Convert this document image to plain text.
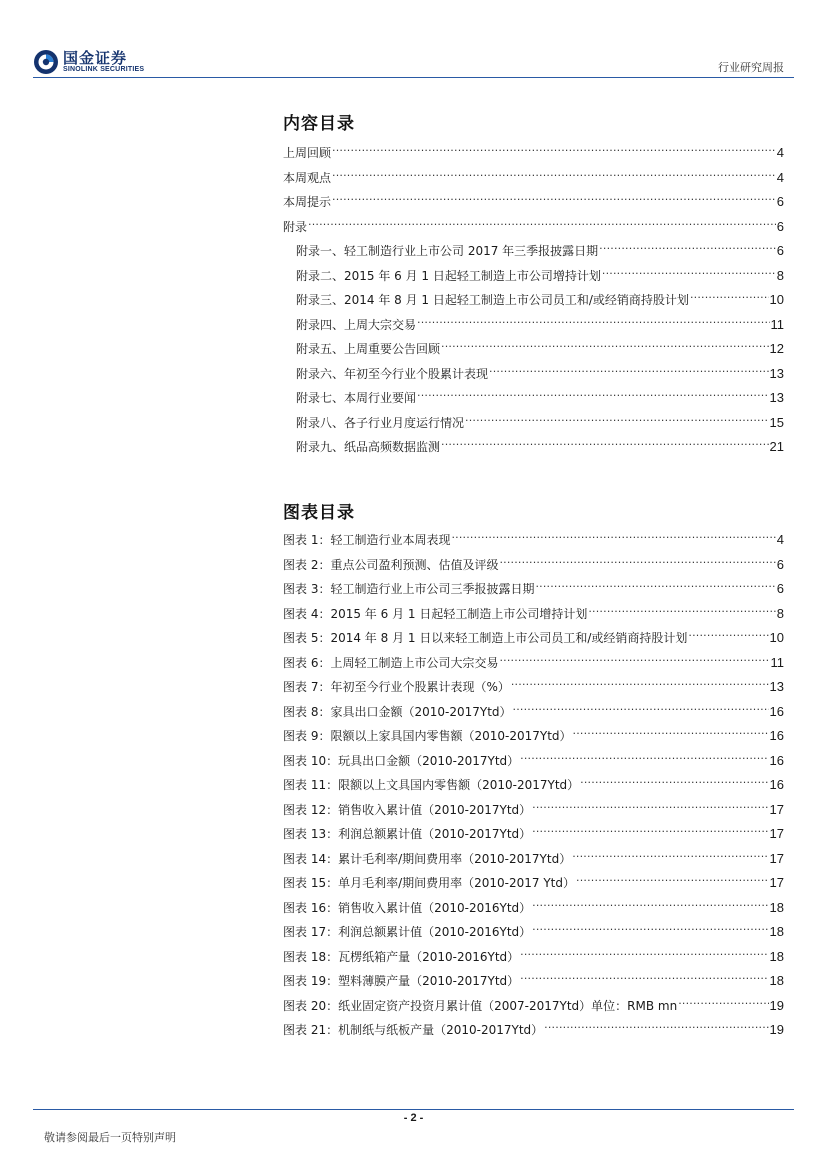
国金证券
SINOLINK SECURITIES	行业研究周报
内容目录
上周回顾 .....	4
本周观点 .....	4
本周提示 .....	6
附录 .....	6
附录一、轻工制造行业上市公司 2017 年三季报披露日期 .....	6
附录二、2015 年 6 月 1 日起轻工制造上市公司增持计划 .....	8
附录三、2014 年 8 月 1 日起轻工制造上市公司员工和/或经销商持股计划 .....	10
附录四、上周大宗交易 .....	11
附录五、上周重要公告回顾 .....	12
附录六、年初至今行业个股累计表现 .....	13
附录七、本周行业要闻 .....	13
附录八、各子行业月度运行情况 .....	15
附录九、纸品高频数据监测 .....	21
图表目录
图表 1：轻工制造行业本周表现 .....	4
图表 2：重点公司盈利预测、估值及评级 .....	6
图表 3：轻工制造行业上市公司三季报披露日期 .....	6
图表 4：2015 年 6 月 1 日起轻工制造上市公司增持计划 .....	8
图表 5：2014 年 8 月 1 日以来轻工制造上市公司员工和/或经销商持股计划 .....	10
图表 6：上周轻工制造上市公司大宗交易 .....	11
图表 7：年初至今行业个股累计表现（%） .....	13
图表 8：家具出口金额（2010-2017Ytd） .....	16
图表 9：限额以上家具国内零售额（2010-2017Ytd） .....	16
图表 10：玩具出口金额（2010-2017Ytd） .....	16
图表 11：限额以上文具国内零售额（2010-2017Ytd） .....	16
图表 12：销售收入累计值（2010-2017Ytd） .....	17
图表 13：利润总额累计值（2010-2017Ytd） .....	17
图表 14：累计毛利率/期间费用率（2010-2017Ytd） .....	17
图表 15：单月毛利率/期间费用率（2010-2017 Ytd） .....	17
图表 16：销售收入累计值（2010-2016Ytd） .....	18
图表 17：利润总额累计值（2010-2016Ytd） .....	18
图表 18：瓦楞纸箱产量（2010-2016Ytd） .....	18
图表 19：塑料薄膜产量（2010-2017Ytd） .....	18
图表 20：纸业固定资产投资月累计值（2007-2017Ytd）单位：RMB mn .....	19
图表 21：机制纸与纸板产量（2010-2017Ytd） .....	19
- 2 -
敬请参阅最后一页特别声明
